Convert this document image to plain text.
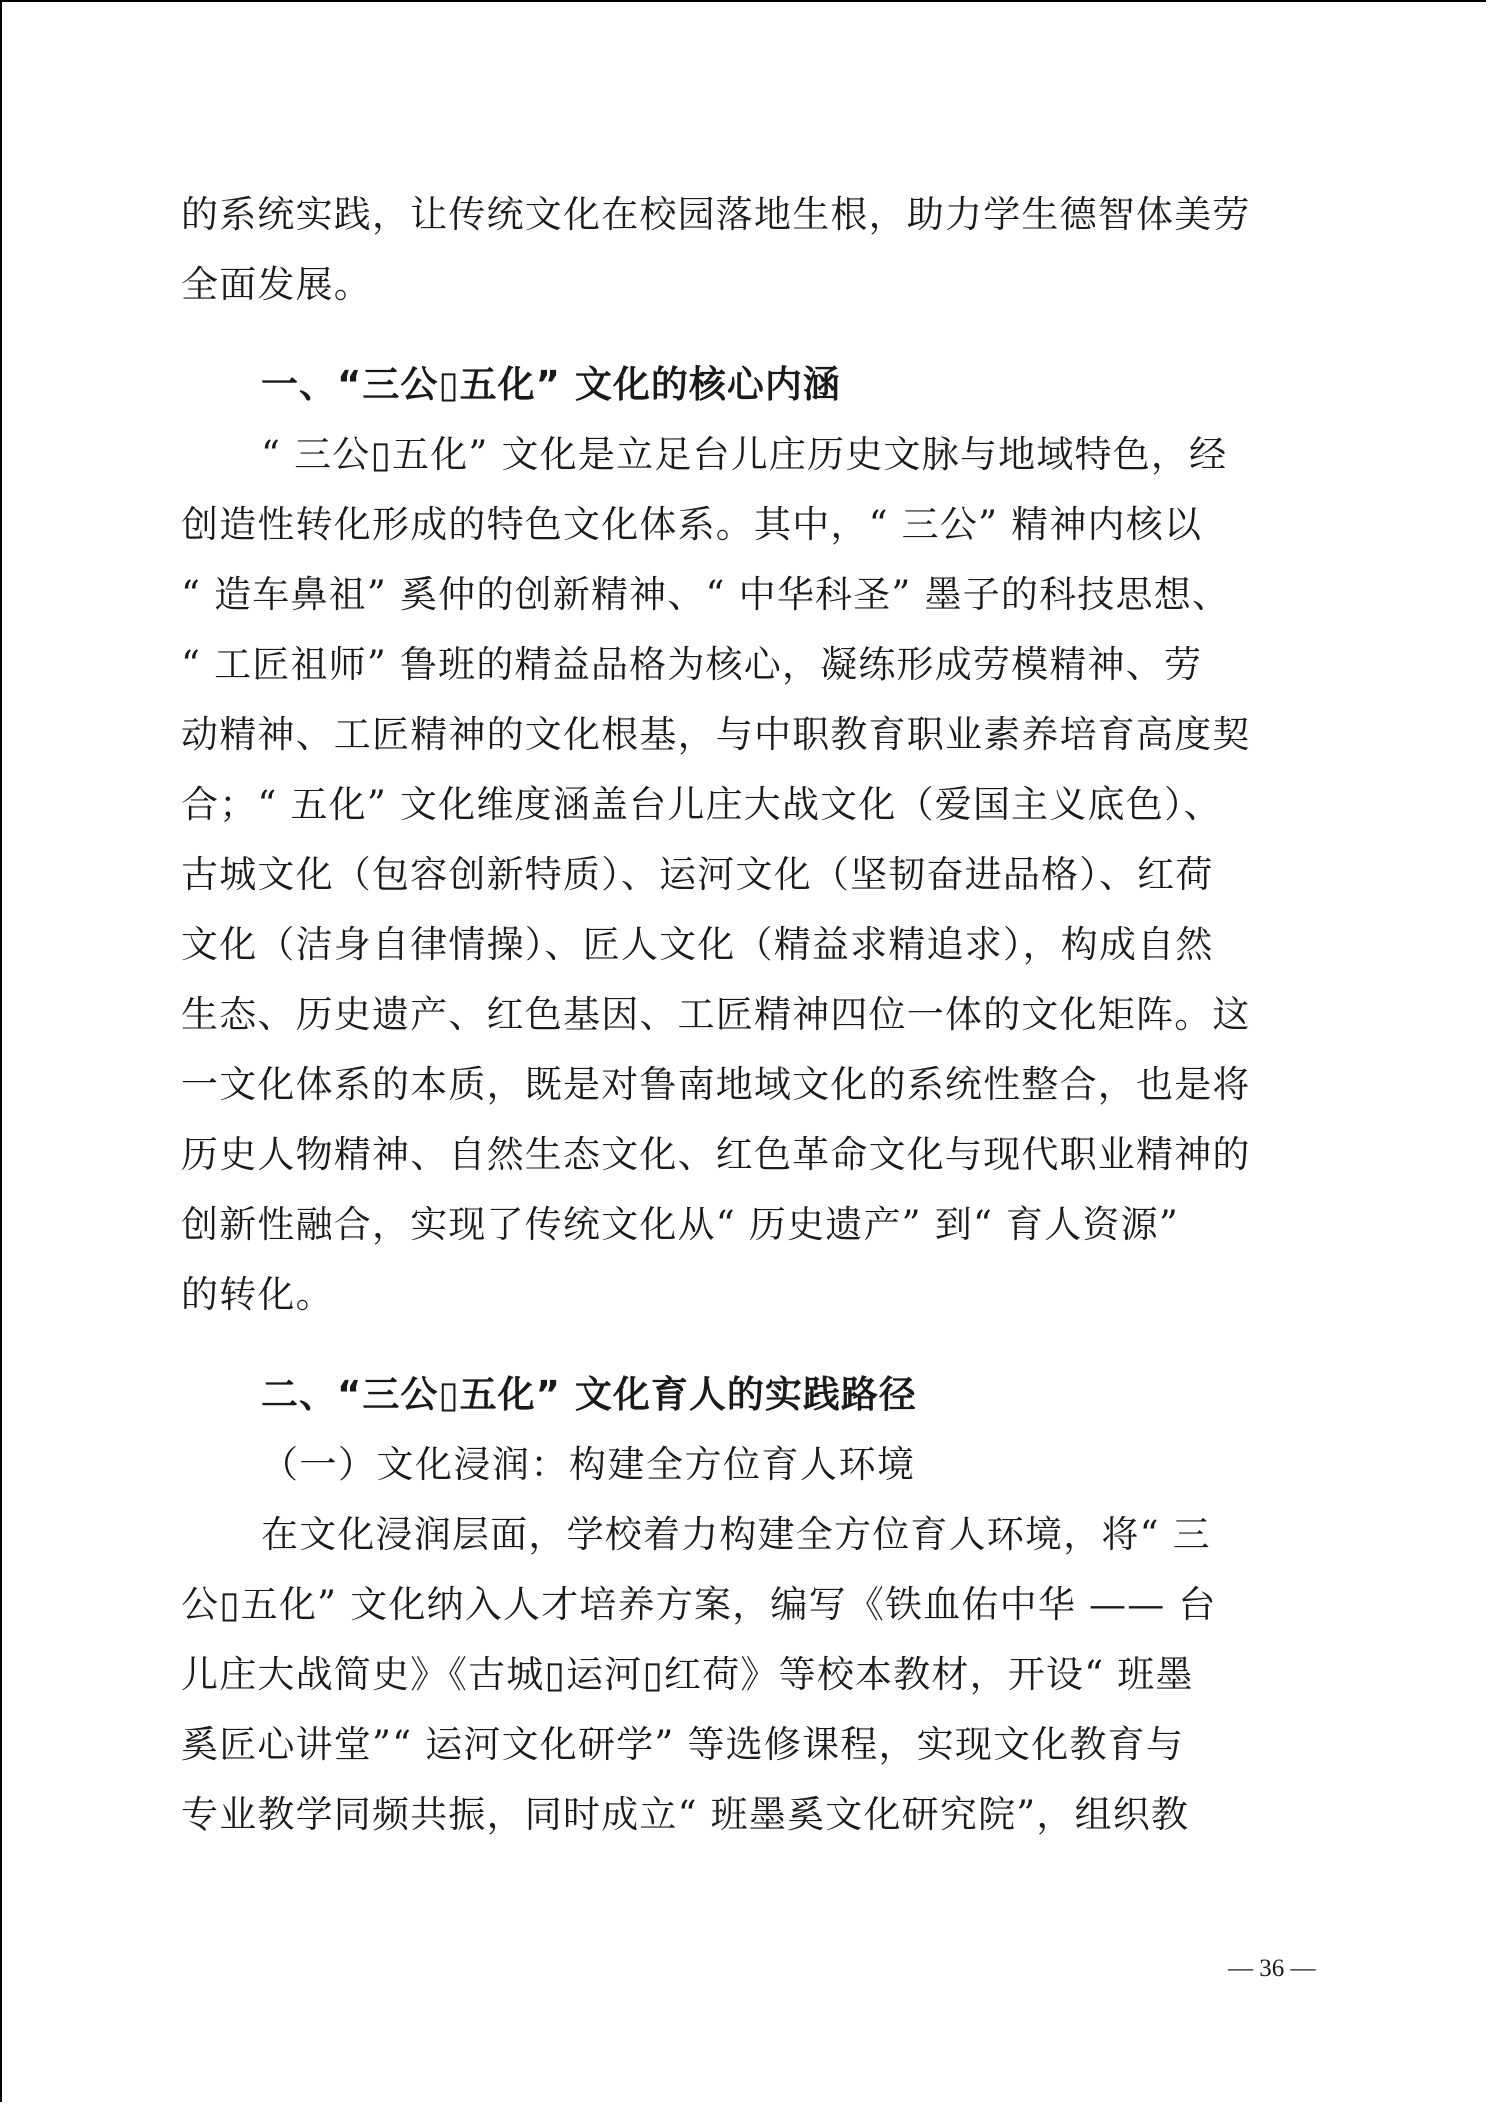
的系统实践，让传统文化在校园落地生根，助力学生德智体美劳
全面发展。
一、“三公▯五化” 文化的核心内涵
“ 三公▯五化” 文化是立足台儿庄历史文脉与地域特色，经
创造性转化形成的特色文化体系。其中，“ 三公” 精神内核以
“ 造车鼻祖” 奚仲的创新精神、“ 中华科圣” 墨子的科技思想、
“ 工匠祖师” 鲁班的精益品格为核心，凝练形成劳模精神、劳
动精神、工匠精神的文化根基，与中职教育职业素养培育高度契
合；“ 五化” 文化维度涵盖台儿庄大战文化（爱国主义底色）、
古城文化（包容创新特质）、运河文化（坚韧奋进品格）、红荷
文化（洁身自律情操）、匠人文化（精益求精追求），构成自然
生态、历史遗产、红色基因、工匠精神四位一体的文化矩阵。这
一文化体系的本质，既是对鲁南地域文化的系统性整合，也是将
历史人物精神、自然生态文化、红色革命文化与现代职业精神的
创新性融合，实现了传统文化从“ 历史遗产” 到“ 育人资源”
的转化。
二、“三公▯五化” 文化育人的实践路径
（一）文化浸润：构建全方位育人环境
在文化浸润层面，学校着力构建全方位育人环境，将“ 三
公▯五化” 文化纳入人才培养方案，编写《铁血佑中华 —— 台
儿庄大战简史》《古城▯运河▯红荷》等校本教材，开设“ 班墨
奚匠心讲堂”“ 运河文化研学” 等选修课程，实现文化教育与
专业教学同频共振，同时成立“ 班墨奚文化研究院”，组织教
— 36 —
